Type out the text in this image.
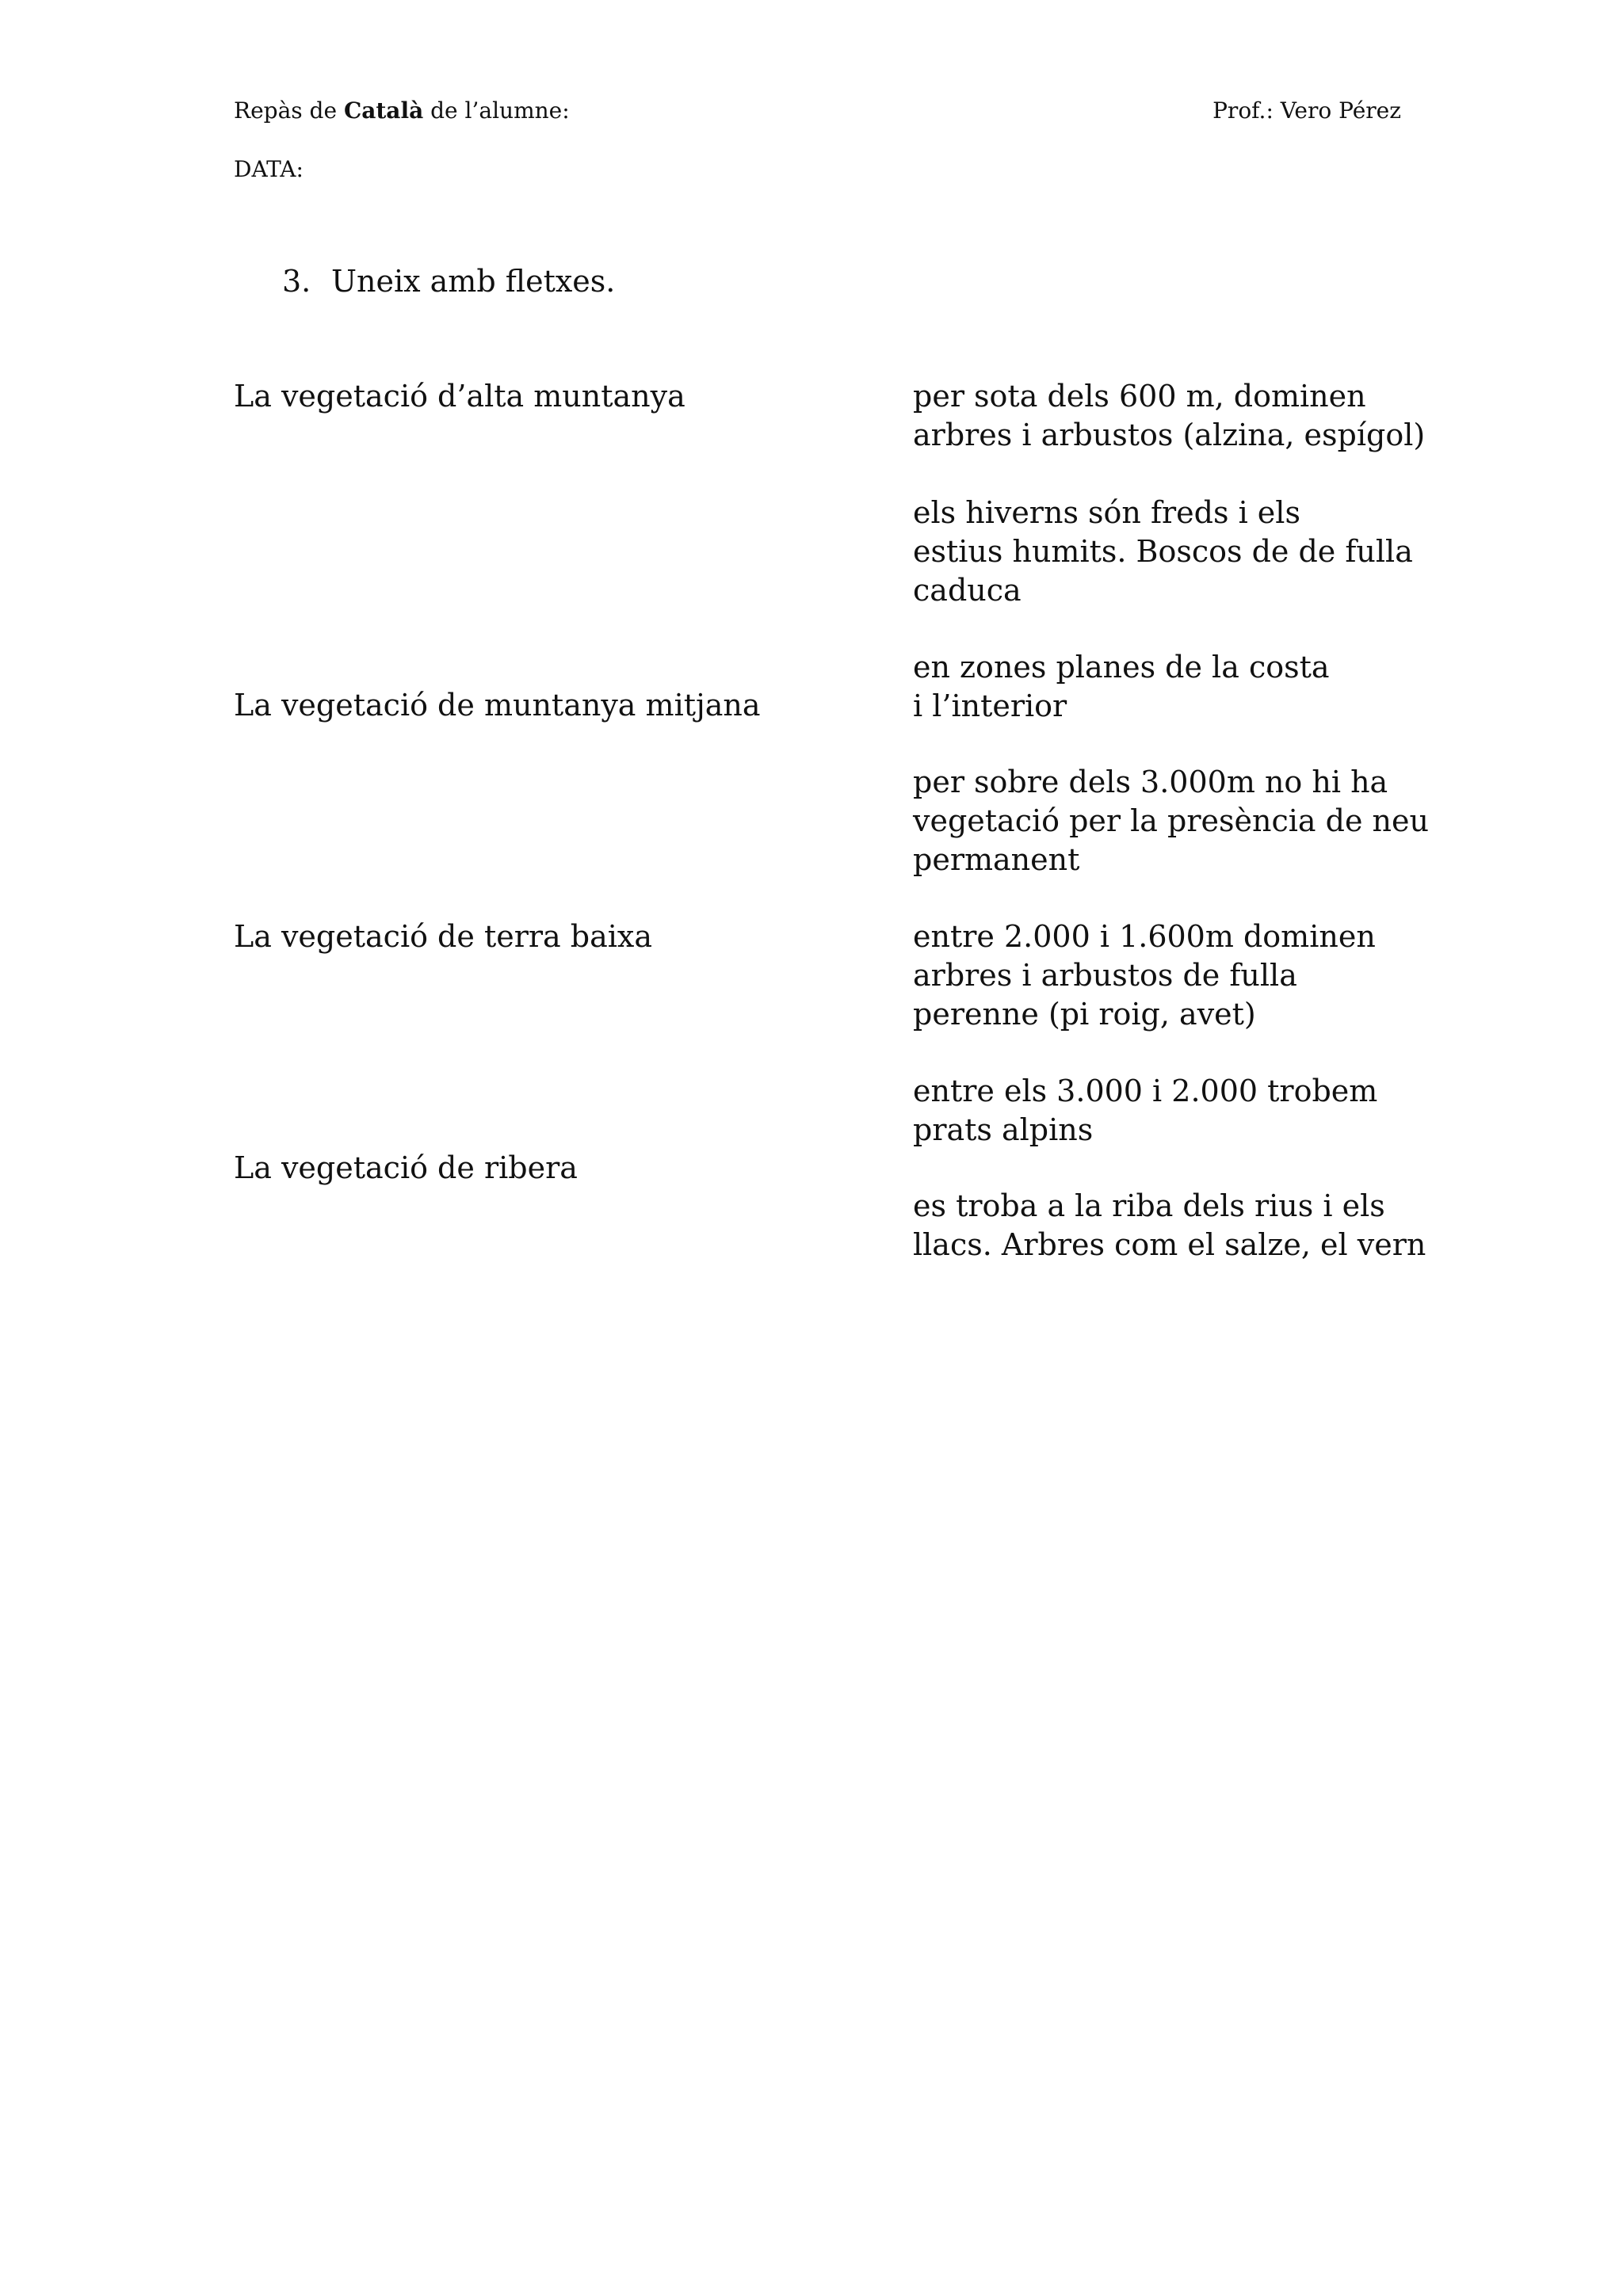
Repàs de Català de l’alumne:	Prof.: Vero Pérez
DATA:
3. Uneix amb fletxes.
La vegetació d’alta muntanya
La vegetació de muntanya mitjana
La vegetació de terra baixa
La vegetació de ribera
per sota dels 600 m, dominen
arbres i arbustos (alzina, espígol)
els hiverns són freds i els
estius humits. Boscos de de fulla
caduca
en zones planes de la costa
i l’interior
per sobre dels 3.000m no hi ha
vegetació per la presència de neu
permanent
entre 2.000 i 1.600m dominen
arbres i arbustos de fulla
perenne (pi roig, avet)
entre els 3.000 i 2.000 trobem
prats alpins
es troba a la riba dels rius i els
llacs. Arbres com el salze, el vern
